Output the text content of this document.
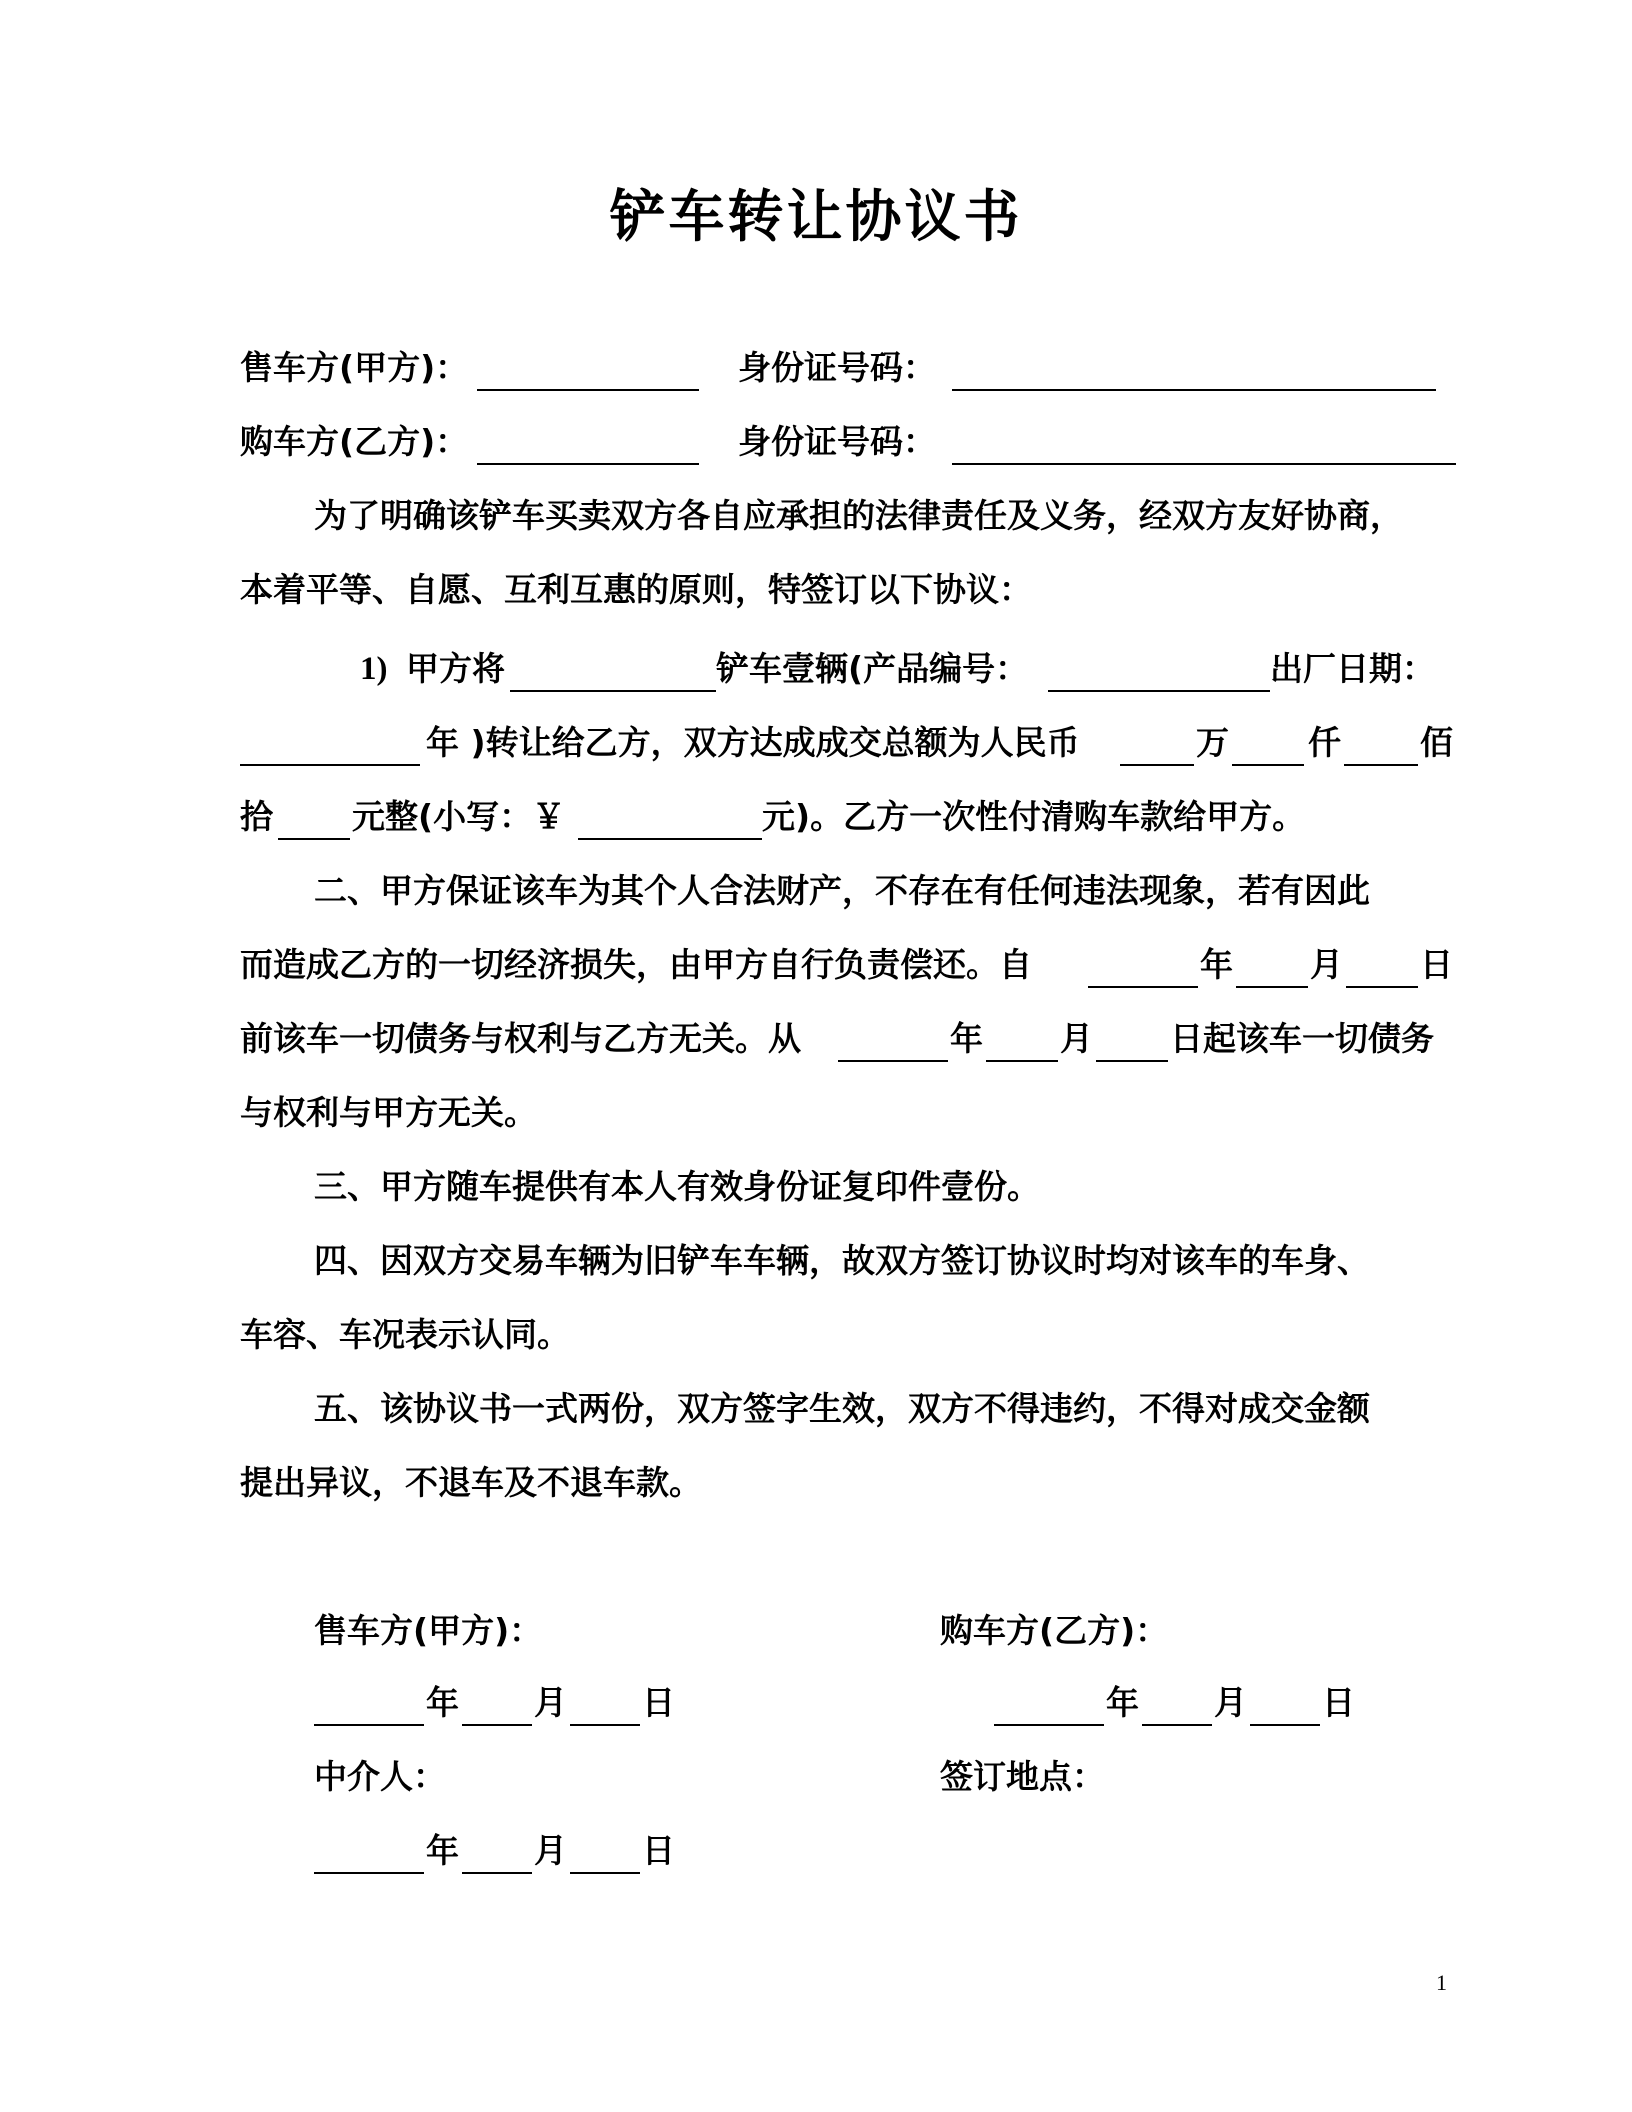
铲车转让协议书
售车方(甲方)：	身份证号码：
购车方(乙方)：	身份证号码：
为了明确该铲车买卖双方各自应承担的法律责任及义务，经双方友好协商，
本着平等、自愿、互利互惠的原则，特签订以下协议：
1) 甲方将	铲车壹辆(产品编号：	出厂日期：
年 )转让给乙方，双方达成成交总额为人民币	万 仟 佰
拾 元整(小写：￥	元)。乙方一次性付清购车款给甲方。
二、甲方保证该车为其个人合法财产，不存在有任何违法现象，若有因此
而造成乙方的一切经济损失，由甲方自行负责偿还。自	年 月 日
前该车一切债务与权利与乙方无关。从	年 月 日起该车一切债务
与权利与甲方无关。
三、甲方随车提供有本人有效身份证复印件壹份。
四、因双方交易车辆为旧铲车车辆，故双方签订协议时均对该车的车身、
车容、车况表示认同。
五、该协议书一式两份，双方签字生效，双方不得违约，不得对成交金额
提出异议，不退车及不退车款。
售车方(甲方)：	购车方(乙方)：
年 月 日	年 月 日
中介人：	签订地点：
年 月 日
1
